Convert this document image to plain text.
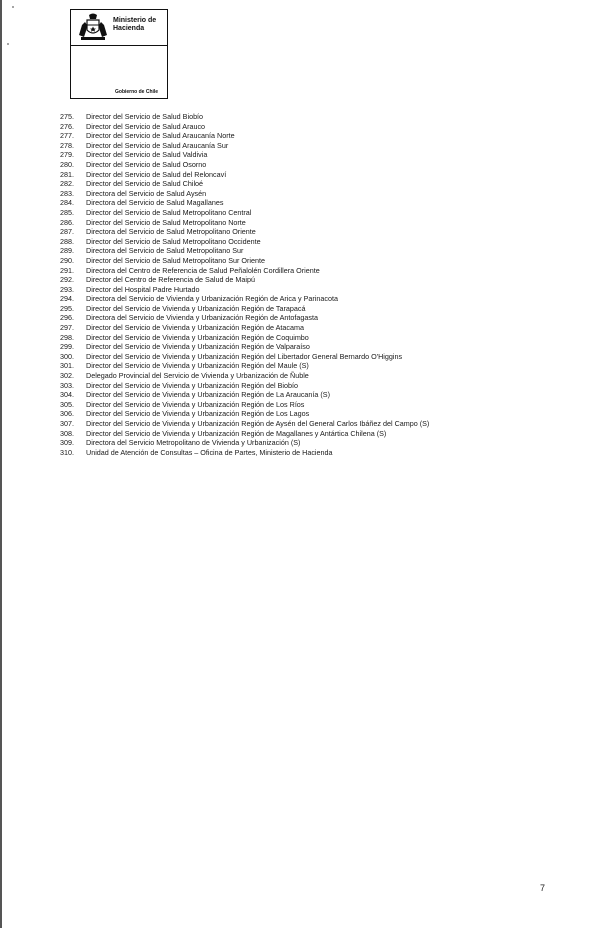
Ministerio de
Hacienda
Gobierno de Chile
275. Director del Servicio de Salud Biobío
276. Director del Servicio de Salud Arauco
277. Director del Servicio de Salud Araucanía Norte
278. Director del Servicio de Salud Araucanía Sur
279. Director del Servicio de Salud Valdivia
280. Director del Servicio de Salud Osorno
281. Director del Servicio de Salud del Reloncaví
282. Director del Servicio de Salud Chiloé
283. Directora del Servicio de Salud Aysén
284. Directora del Servicio de Salud Magallanes
285. Director del Servicio de Salud Metropolitano Central
286. Director del Servicio de Salud Metropolitano Norte
287. Directora del Servicio de Salud Metropolitano Oriente
288. Director del Servicio de Salud Metropolitano Occidente
289. Directora del Servicio de Salud Metropolitano Sur
290. Director del Servicio de Salud Metropolitano Sur Oriente
291. Directora del Centro de Referencia de Salud Peñalolén Cordillera Oriente
292. Director del Centro de Referencia de Salud de Maipú
293. Director del Hospital Padre Hurtado
294. Directora del Servicio de Vivienda y Urbanización Región de Arica y Parinacota
295. Director del Servicio de Vivienda y Urbanización Región de Tarapacá
296. Directora del Servicio de Vivienda y Urbanización Región de Antofagasta
297. Director del Servicio de Vivienda y Urbanización Región de Atacama
298. Director del Servicio de Vivienda y Urbanización Región de Coquimbo
299. Director del Servicio de Vivienda y Urbanización Región de Valparaíso
300. Director del Servicio de Vivienda y Urbanización Región del Libertador General Bernardo O'Higgins
301. Director del Servicio de Vivienda y Urbanización Región del Maule (S)
302. Delegado Provincial del Servicio de Vivienda y Urbanización de Ñuble
303. Director del Servicio de Vivienda y Urbanización Región del Biobío
304. Director del Servicio de Vivienda y Urbanización Región de La Araucanía (S)
305. Director del Servicio de Vivienda y Urbanización Región de Los Ríos
306. Director del Servicio de Vivienda y Urbanización Región de Los Lagos
307. Director del Servicio de Vivienda y Urbanización Región de Aysén del General Carlos Ibáñez del Campo (S)
308. Director del Servicio de Vivienda y Urbanización Región de Magallanes y Antártica Chilena (S)
309. Directora del Servicio Metropolitano de Vivienda y Urbanización (S)
310. Unidad de Atención de Consultas – Oficina de Partes, Ministerio de Hacienda
7
